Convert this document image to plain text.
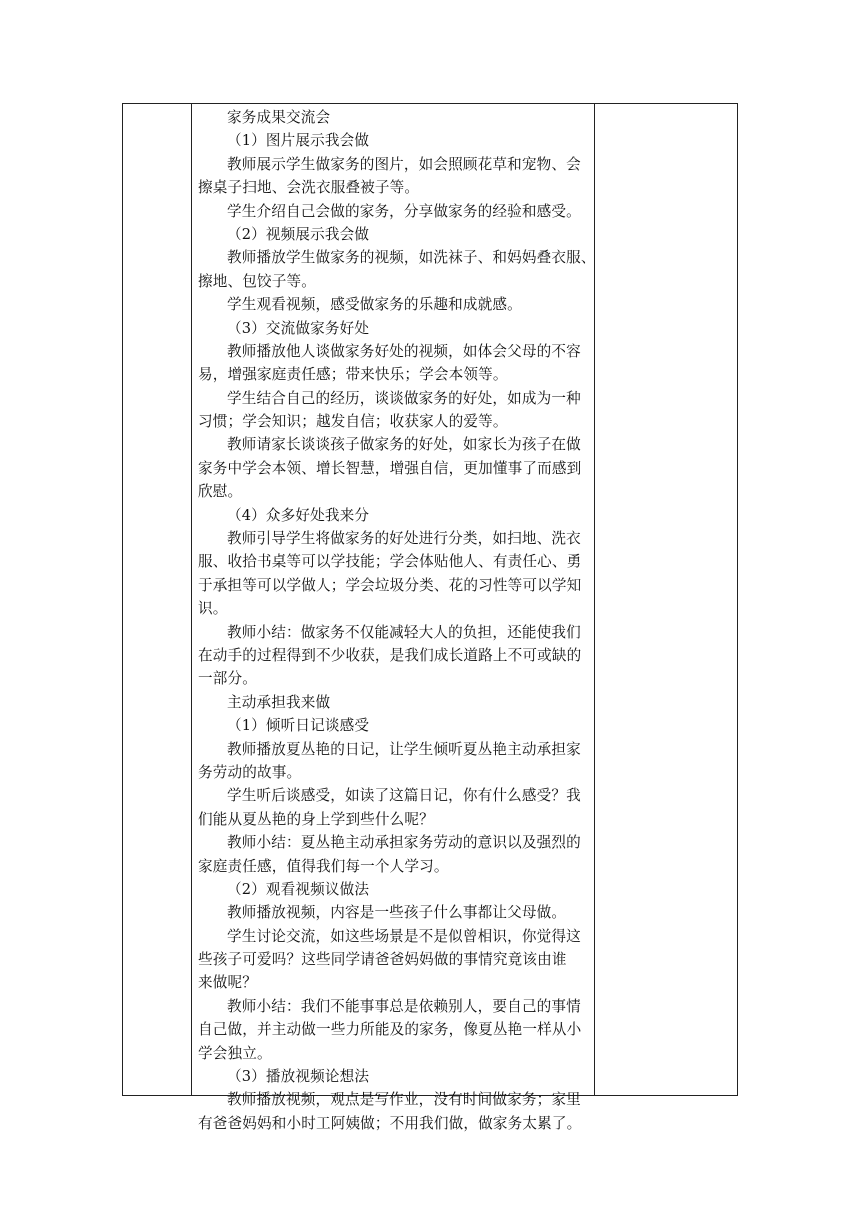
家务成果交流会
（1）图片展示我会做
教师展示学生做家务的图片，如会照顾花草和宠物、会
擦桌子扫地、会洗衣服叠被子等。
学生介绍自己会做的家务，分享做家务的经验和感受。
（2）视频展示我会做
教师播放学生做家务的视频，如洗袜子、和妈妈叠衣服、
擦地、包饺子等。
学生观看视频，感受做家务的乐趣和成就感。
（3）交流做家务好处
教师播放他人谈做家务好处的视频，如体会父母的不容
易，增强家庭责任感；带来快乐；学会本领等。
学生结合自己的经历，谈谈做家务的好处，如成为一种
习惯；学会知识；越发自信；收获家人的爱等。
教师请家长谈谈孩子做家务的好处，如家长为孩子在做
家务中学会本领、增长智慧，增强自信，更加懂事了而感到
欣慰。
（4）众多好处我来分
教师引导学生将做家务的好处进行分类，如扫地、洗衣
服、收拾书桌等可以学技能；学会体贴他人、有责任心、勇
于承担等可以学做人；学会垃圾分类、花的习性等可以学知
识。
教师小结：做家务不仅能减轻大人的负担，还能使我们
在动手的过程得到不少收获，是我们成长道路上不可或缺的
一部分。
主动承担我来做
（1）倾听日记谈感受
教师播放夏丛艳的日记，让学生倾听夏丛艳主动承担家
务劳动的故事。
学生听后谈感受，如读了这篇日记，你有什么感受？我
们能从夏丛艳的身上学到些什么呢？
教师小结：夏丛艳主动承担家务劳动的意识以及强烈的
家庭责任感，值得我们每一个人学习。
（2）观看视频议做法
教师播放视频，内容是一些孩子什么事都让父母做。
学生讨论交流，如这些场景是不是似曾相识，你觉得这
些孩子可爱吗？这些同学请爸爸妈妈做的事情究竟该由谁
来做呢？
教师小结：我们不能事事总是依赖别人，要自己的事情
自己做，并主动做一些力所能及的家务，像夏丛艳一样从小
学会独立。
（3）播放视频论想法
教师播放视频，观点是写作业，没有时间做家务；家里
有爸爸妈妈和小时工阿姨做；不用我们做，做家务太累了。
